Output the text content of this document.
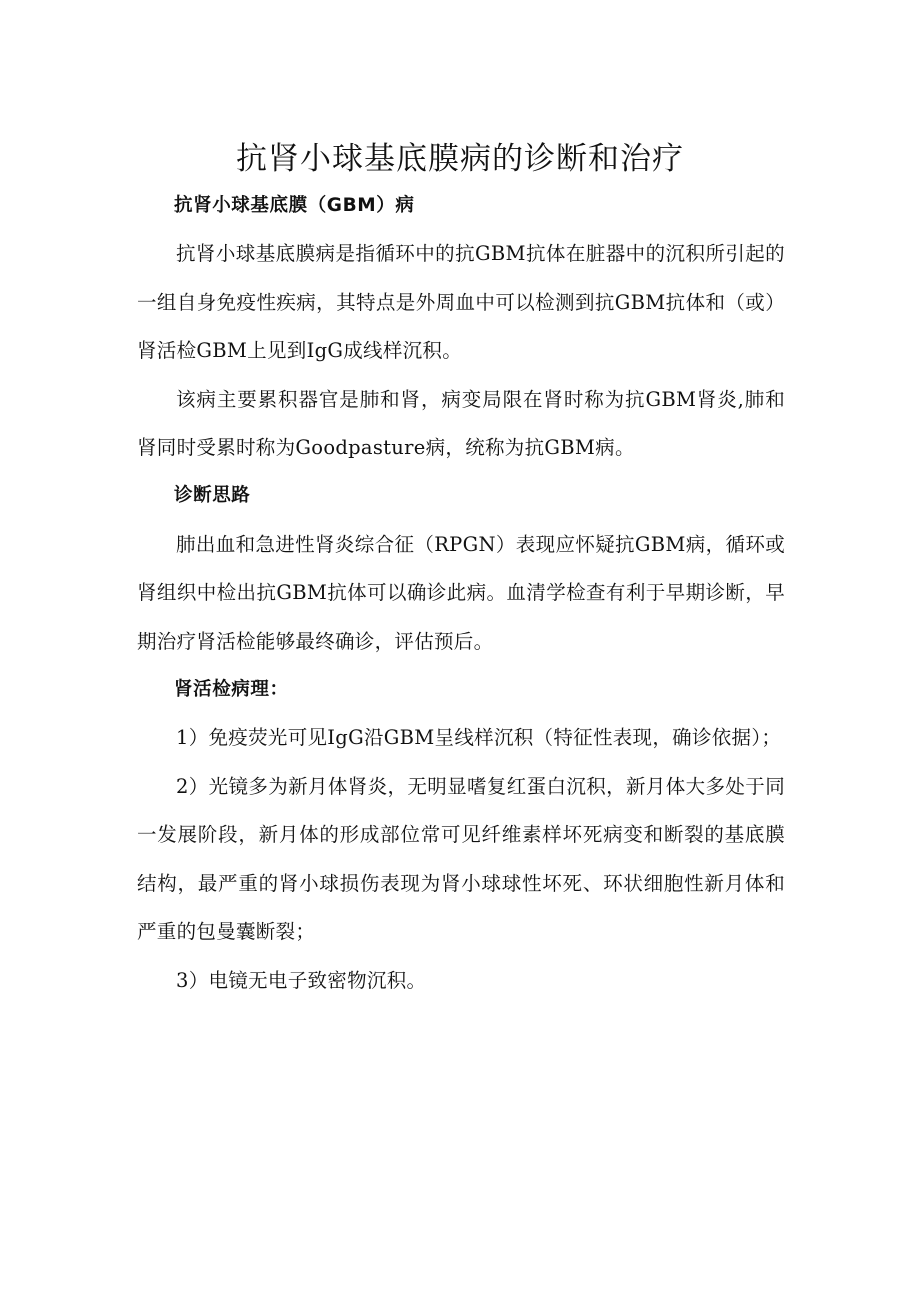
抗肾小球基底膜病的诊断和治疗

抗肾小球基底膜（GBM）病

抗肾小球基底膜病是指循环中的抗GBM抗体在脏器中的沉积所引起的一组自身免疫性疾病，其特点是外周血中可以检测到抗GBM抗体和（或）肾活检GBM上见到IgG成线样沉积。

该病主要累积器官是肺和肾，病变局限在肾时称为抗GBM肾炎,肺和肾同时受累时称为Goodpasture病，统称为抗GBM病。

诊断思路

肺出血和急进性肾炎综合征（RPGN）表现应怀疑抗GBM病，循环或肾组织中检出抗GBM抗体可以确诊此病。血清学检查有利于早期诊断，早期治疗肾活检能够最终确诊，评估预后。

肾活检病理：

1）免疫荧光可见IgG沿GBM呈线样沉积（特征性表现，确诊依据）；

2）光镜多为新月体肾炎，无明显嗜复红蛋白沉积，新月体大多处于同一发展阶段，新月体的形成部位常可见纤维素样坏死病变和断裂的基底膜结构，最严重的肾小球损伤表现为肾小球球性坏死、环状细胞性新月体和严重的包曼囊断裂；

3）电镜无电子致密物沉积。
